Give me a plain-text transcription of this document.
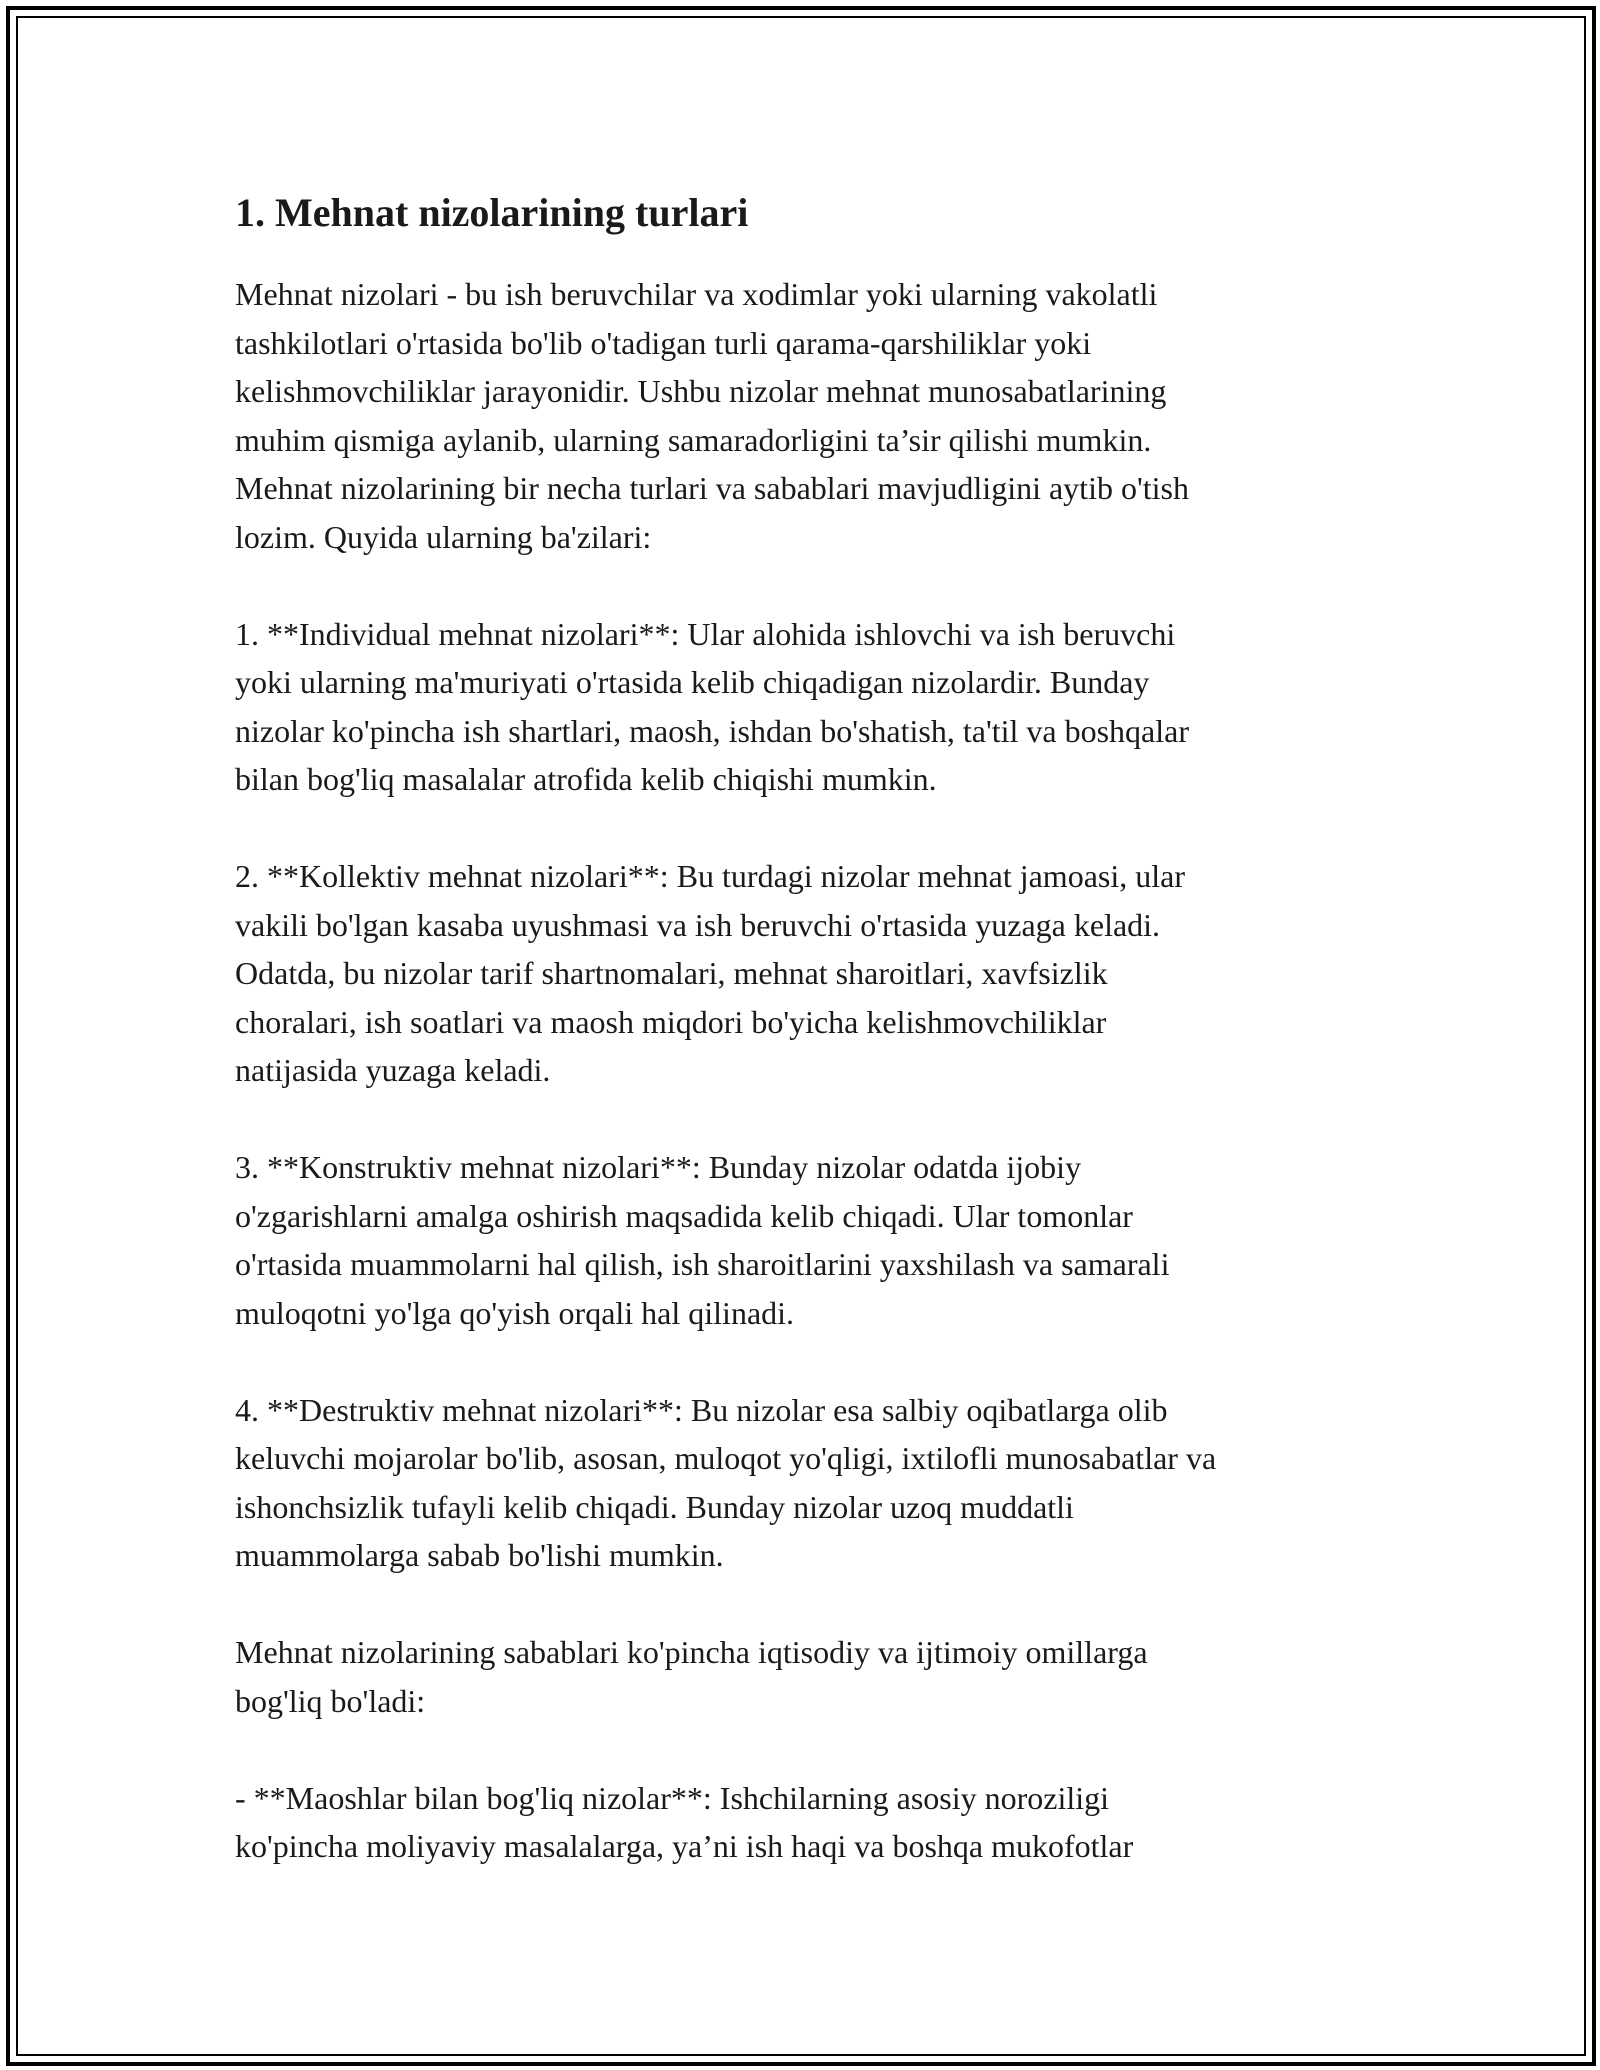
1. Mehnat nizolarining turlari

Mehnat nizolari - bu ish beruvchilar va xodimlar yoki ularning vakolatli
tashkilotlari o'rtasida bo'lib o'tadigan turli qarama-qarshiliklar yoki
kelishmovchiliklar jarayonidir. Ushbu nizolar mehnat munosabatlarining
muhim qismiga aylanib, ularning samaradorligini ta’sir qilishi mumkin.
Mehnat nizolarining bir necha turlari va sabablari mavjudligini aytib o'tish
lozim. Quyida ularning ba'zilari:

1. **Individual mehnat nizolari**: Ular alohida ishlovchi va ish beruvchi
yoki ularning ma'muriyati o'rtasida kelib chiqadigan nizolardir. Bunday
nizolar ko'pincha ish shartlari, maosh, ishdan bo'shatish, ta'til va boshqalar
bilan bog'liq masalalar atrofida kelib chiqishi mumkin.

2. **Kollektiv mehnat nizolari**: Bu turdagi nizolar mehnat jamoasi, ular
vakili bo'lgan kasaba uyushmasi va ish beruvchi o'rtasida yuzaga keladi.
Odatda, bu nizolar tarif shartnomalari, mehnat sharoitlari, xavfsizlik
choralari, ish soatlari va maosh miqdori bo'yicha kelishmovchiliklar
natijasida yuzaga keladi.

3. **Konstruktiv mehnat nizolari**: Bunday nizolar odatda ijobiy
o'zgarishlarni amalga oshirish maqsadida kelib chiqadi. Ular tomonlar
o'rtasida muammolarni hal qilish, ish sharoitlarini yaxshilash va samarali
muloqotni yo'lga qo'yish orqali hal qilinadi.

4. **Destruktiv mehnat nizolari**: Bu nizolar esa salbiy oqibatlarga olib
keluvchi mojarolar bo'lib, asosan, muloqot yo'qligi, ixtilofli munosabatlar va
ishonchsizlik tufayli kelib chiqadi. Bunday nizolar uzoq muddatli
muammolarga sabab bo'lishi mumkin.

Mehnat nizolarining sabablari ko'pincha iqtisodiy va ijtimoiy omillarga
bog'liq bo'ladi:

- **Maoshlar bilan bog'liq nizolar**: Ishchilarning asosiy noroziligi
ko'pincha moliyaviy masalalarga, ya’ni ish haqi va boshqa mukofotlar
